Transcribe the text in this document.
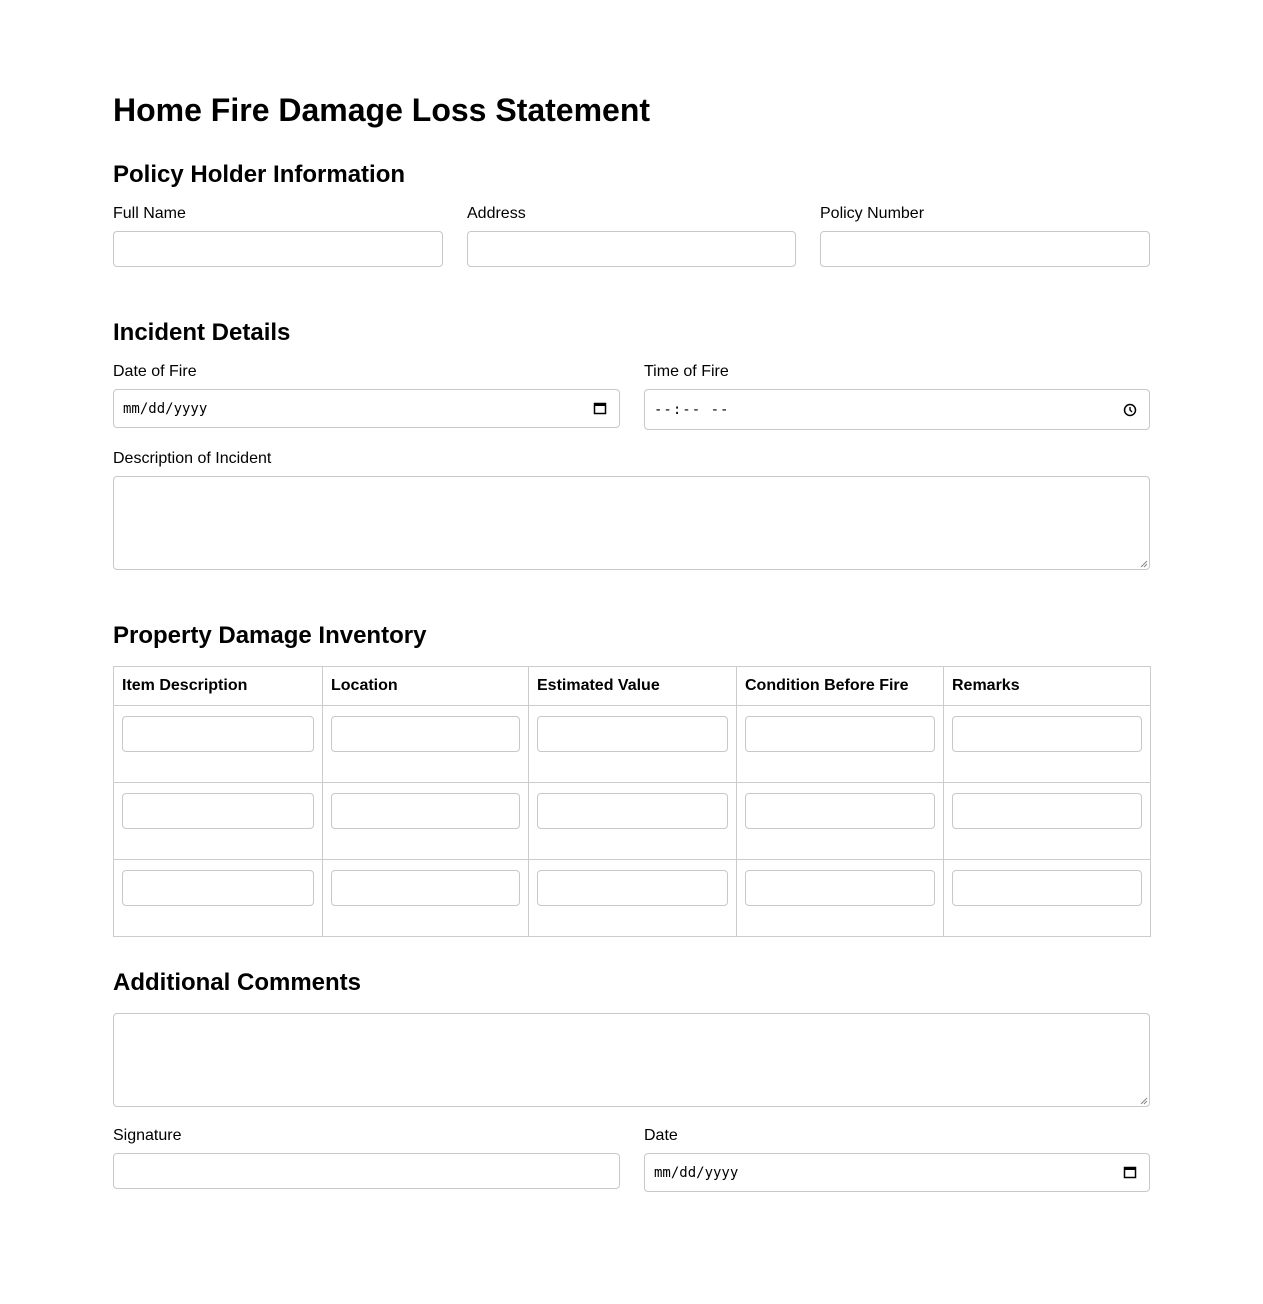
Home Fire Damage Loss Statement
Policy Holder Information
Full Name	Address	Policy Number
Incident Details
Date of Fire
mm/dd/yyyy
Time of Fire
--:-- --
Description of Incident
Property Damage Inventory
Item Description	Location	Estimated Value	Condition Before Fire	Remarks

Additional Comments
Signature	Date
mm/dd/yyyy
